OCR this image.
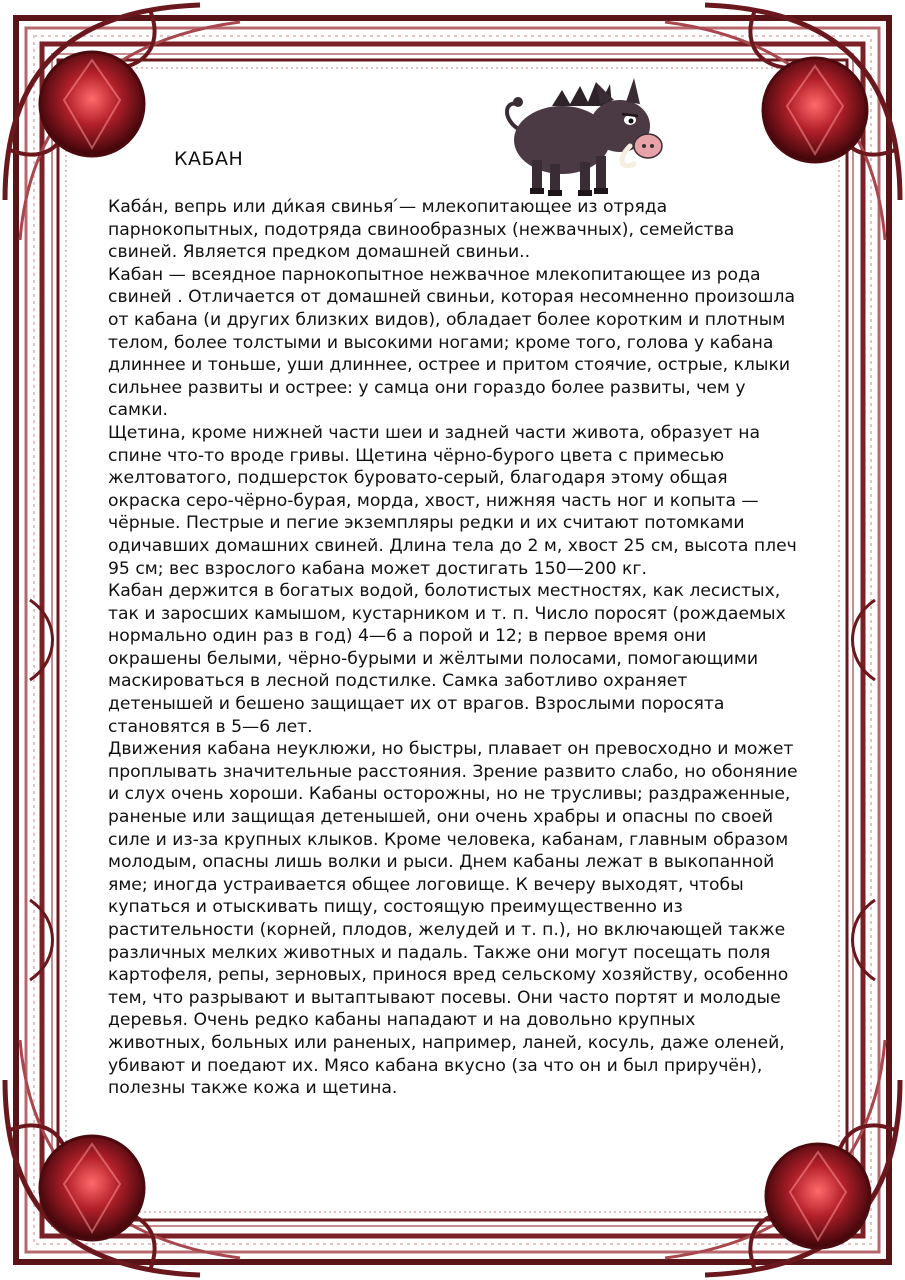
КАБАН

Каба́н, вепрь или ди́кая свинья ́— млекопитающее из отряда парнокопытных, подотряда свинообразных (нежвачных), семейства свиней. Является предком домашней свиньи..

Кабан — всеядное парнокопытное нежвачное млекопитающее из рода свиней . Отличается от домашней свиньи, которая несомненно произошла от кабана (и других близких видов), обладает более коротким и плотным телом, более толстыми и высокими ногами; кроме того, голова у кабана длиннее и тоньше, уши длиннее, острее и притом стоячие, острые, клыки сильнее развиты и острее: у самца они гораздо более развиты, чем у самки.

Щетина, кроме нижней части шеи и задней части живота, образует на спине что-то вроде гривы. Щетина чёрно-бурого цвета с примесью желтоватого, подшерсток буровато-серый, благодаря этому общая окраска серо-чёрно-бурая, морда, хвост, нижняя часть ног и копыта — чёрные. Пестрые и пегие экземпляры редки и их считают потомками одичавших домашних свиней. Длина тела до 2 м, хвост 25 см, высота плеч 95 см; вес взрослого кабана может достигать 150—200 кг.

Кабан держится в богатых водой, болотистых местностях, как лесистых, так и заросших камышом, кустарником и т. п. Число поросят (рождаемых нормально один раз в год) 4—6 а порой и 12; в первое время они окрашены белыми, чёрно-бурыми и жёлтыми полосами, помогающими маскироваться в лесной подстилке. Самка заботливо охраняет детенышей и бешено защищает их от врагов. Взрослыми поросята становятся в 5—6 лет.

Движения кабана неуклюжи, но быстры, плавает он превосходно и может проплывать значительные расстояния. Зрение развито слабо, но обоняние и слух очень хороши. Кабаны осторожны, но не трусливы; раздраженные, раненые или защищая детенышей, они очень храбры и опасны по своей силе и из-за крупных клыков. Кроме человека, кабанам, главным образом молодым, опасны лишь волки и рыси. Днем кабаны лежат в выкопанной яме; иногда устраивается общее логовище. К вечеру выходят, чтобы купаться и отыскивать пищу, состоящую преимущественно из растительности (корней, плодов, желудей и т. п.), но включающей также различных мелких животных и падаль. Также они могут посещать поля картофеля, репы, зерновых, принося вред сельскому хозяйству, особенно тем, что разрывают и вытаптывают посевы. Они часто портят и молодые деревья. Очень редко кабаны нападают и на довольно крупных животных, больных или раненых, например, ланей, косуль, даже оленей, убивают и поедают их. Мясо кабана вкусно (за что он и был приручён), полезны также кожа и щетина.
